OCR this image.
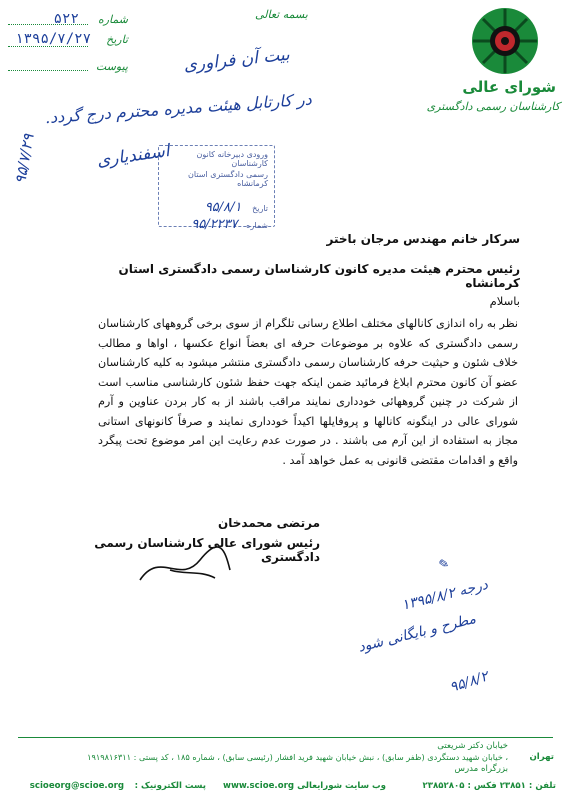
شورای عالی
کارشناسان رسمی دادگستری
بسمه تعالی
شماره ۵۲۲
تاریخ ۱۳۹۵/۷/۲۷
پیوست	بیت آن فراوری
در کارتابل هیئت مدیره محترم درج گردد.
اسفندیاری
۹۵/۷/۲۹	ورودی دبیرخانه کانون کارشناسان
رسمی دادگستری استان کرمانشاه
تاریخ ۹۵/۸/۱
شماره ۹۵/۲۲۳۷
سرکار خانم مهندس مرجان باختر
رئیس محترم هیئت مدیره کانون کارشناسان رسمی دادگستری استان کرمانشاه
باسلام
نظر به راه اندازی کانالهای مختلف اطلاع رسانی تلگرام از سوی برخی گروههای کارشناسان رسمی دادگستری که علاوه بر موضوعات حرفه ای بعضاً انواع عکسها ، اواها و مطالب خلاف شئون و حیثیت حرفه کارشناسان رسمی دادگستری منتشر میشود به کلیه کارشناسان عضو آن کانون محترم ابلاغ فرمائید ضمن اینکه جهت حفظ شئون کارشناسی مناسب است از شرکت در چنین گروههائی خودداری نمایند مراقب باشند از به کار بردن عناوین و آرم شورای عالی در اینگونه کانالها و پروفایلها اکیداً خودداری نمایند و صرفاً کانونهای استانی مجاز به استفاده از این آرم می باشند . در صورت عدم رعایت این امر موضوع تحت پیگرد واقع و اقدامات مقتضی قانونی به عمل خواهد آمد .
مرتضی محمدخان
رئیس شورای عالی کارشناسان رسمی دادگستری	✎
درجه ۱۳۹۵/۸/۲
مطرح و بایگانی شود
۹۵/۸/۲
خیابان دکتر شریعتی
تهران
، خیابان شهید دستگردی (ظفر سابق) ، نبش خیابان شهید فرید افشار (رئیسی سابق) ، شماره ۱۸۵ ، کد پستی : ۱۹۱۹۸۱۶۳۱۱
بزرگراه مدرس
تلفن : ۲۳۸۵۱ فکس : ۲۳۸۵۲۸۰۵
وب سایت شورایعالی :
www.scioe.org
پست الکترونیک :
scioeorg@scioe.org
